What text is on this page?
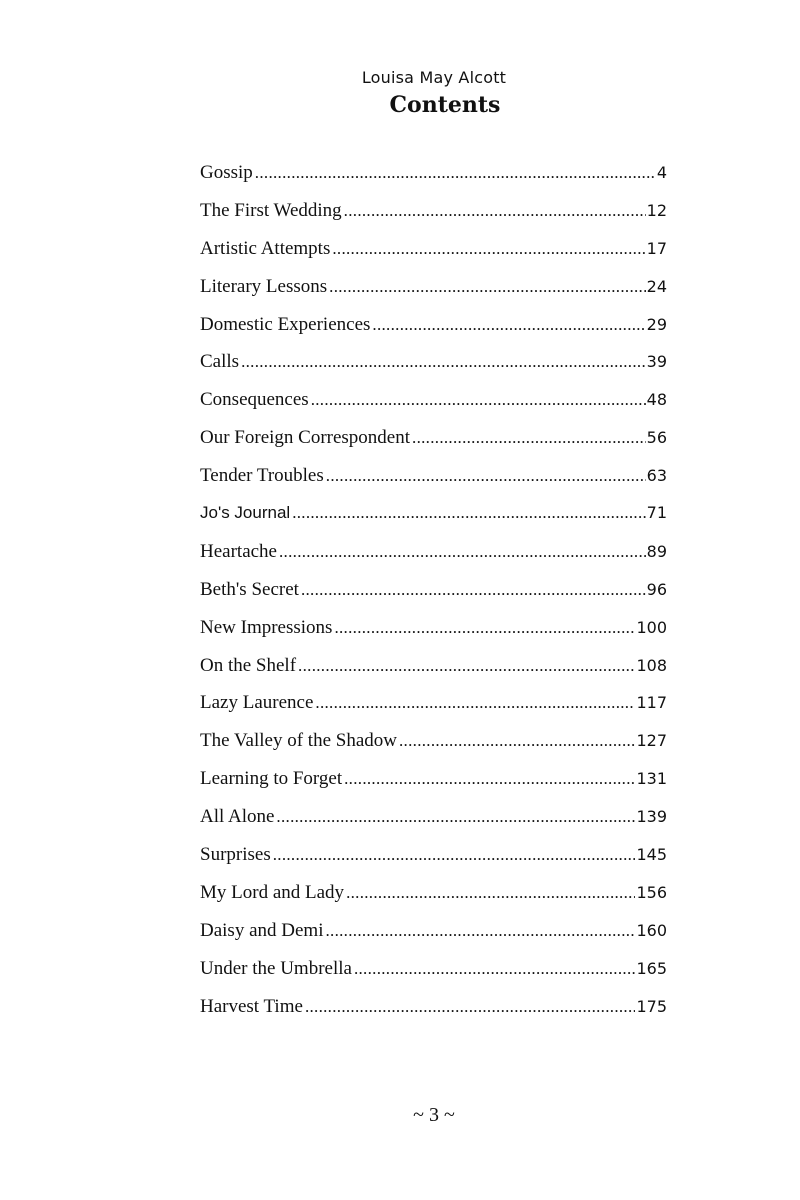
Louisa May Alcott
Contents
Gossip .....	4
The First Wedding .....	12
Artistic Attempts .....	17
Literary Lessons .....	24
Domestic Experiences .....	29
Calls .....	39
Consequences .....	48
Our Foreign Correspondent .....	56
Tender Troubles .....	63
Jo's Journal .....	71
Heartache .....	89
Beth's Secret .....	96
New Impressions .....	100
On the Shelf .....	108
Lazy Laurence .....	117
The Valley of the Shadow .....	127
Learning to Forget .....	131
All Alone .....	139
Surprises .....	145
My Lord and Lady .....	156
Daisy and Demi .....	160
Under the Umbrella .....	165
Harvest Time .....	175
~ 3 ~
